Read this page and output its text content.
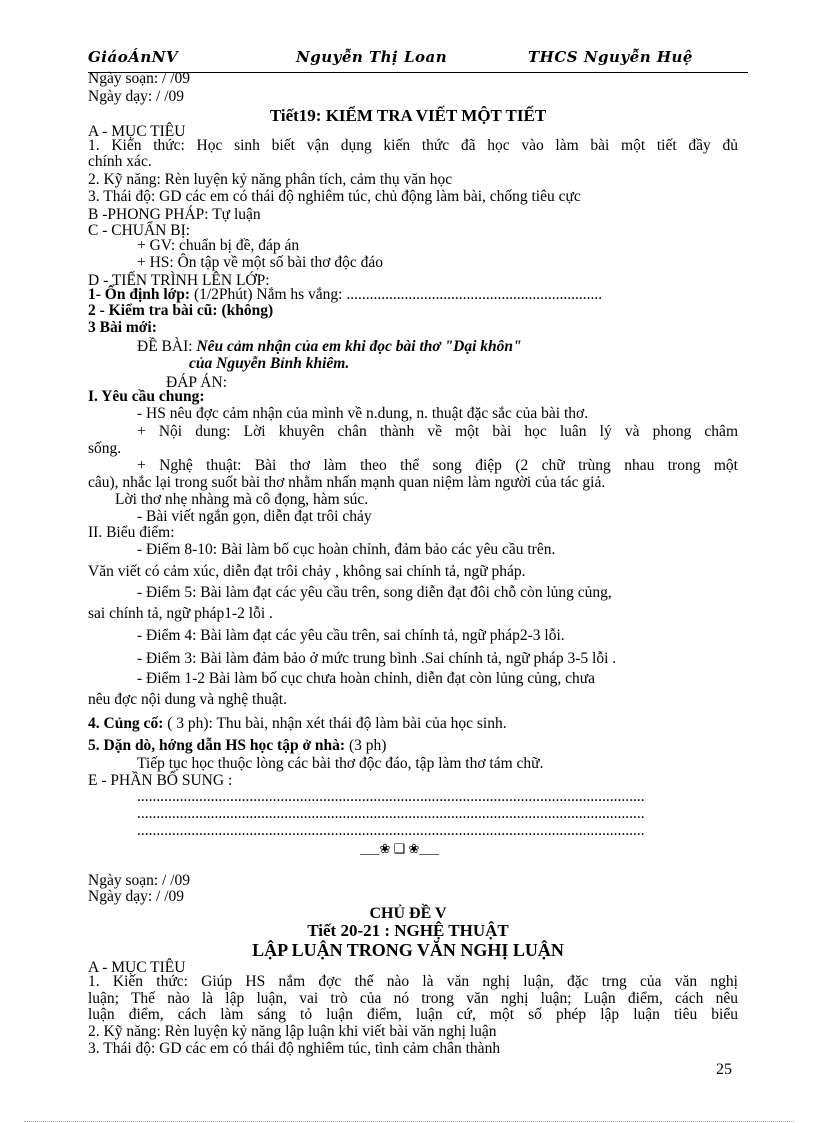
GiáoÁnNV	Nguyễn Thị Loan	THCS Nguyễn Huệ
Ngày soạn: / /09
Ngày dạy: / /09
Tiết19: KIỂM TRA VIẾT MỘT TIẾT
A - MỤC TIÊU
1. Kiến thức: Học sinh biết vận dụng kiến thức đã học vào làm bài một tiết đầy đủ
chính xác.
2. Kỹ năng: Rèn luyện kỷ năng phân tích, cảm thụ văn học
3. Thái độ: GD các em có thái độ nghiêm túc, chủ động làm bài, chống tiêu cực
B -PHONG PHÁP: Tự luận
C - CHUẨN BỊ:
+ GV: chuẩn bị đề, đáp án
+ HS: Ôn tập về một số bài thơ độc đáo
D - TIẾN TRÌNH LÊN LỚP:
1- Ổn định lớp: (1/2Phút) Nắm hs vắng: ..................................................................
2 - Kiểm tra bài cũ: (không)
3 Bài mới:
ĐỀ BÀI: Nêu cảm nhận của em khi đọc bài thơ "Dại khôn"
của Nguyễn Bỉnh khiêm.
ĐÁP ÁN:
I. Yêu cầu chung:
- HS nêu đợc cảm nhận của mình về n.dung, n. thuật đặc sắc của bài thơ.
+ Nội dung: Lời khuyên chân thành về một bài học luân lý và phong châm
sống.
+ Nghệ thuật: Bài thơ làm theo thể song điệp (2 chữ trùng nhau trong một
câu), nhắc lại trong suốt bài thơ nhằm nhấn mạnh quan niệm làm người của tác giả.
Lời thơ nhẹ nhàng mà cô đọng, hàm súc.
- Bài viết ngắn gọn, diễn đạt trôi chảy
II. Biểu điểm:
- Điểm 8-10: Bài làm bố cục hoàn chỉnh, đảm bảo các yêu cầu trên.
Văn viết có cảm xúc, diễn đạt trôi chảy , không sai chính tả, ngữ pháp.
- Điểm 5: Bài làm đạt các yêu cầu trên, song diễn đạt đôi chỗ còn lủng củng,
sai chính tả, ngữ pháp1-2 lỗi .
- Điểm 4: Bài làm đạt các yêu cầu trên, sai chính tả, ngữ pháp2-3 lỗi.
- Điểm 3: Bài làm đảm bảo ở mức trung bình .Sai chính tả, ngữ pháp 3-5 lỗi .
- Điểm 1-2 Bài làm bố cục chưa hoàn chỉnh, diễn đạt còn lủng củng, chưa
nêu đợc nội dung và nghệ thuật.
4. Củng cố: ( 3 ph): Thu bài, nhận xét thái độ làm bài của học sinh.
5. Dặn dò, hớng dẫn HS học tập ở nhà: (3 ph)
Tiếp tục học thuộc lòng các bài thơ độc đáo, tập làm thơ tám chữ.
E - PHẦN BỔ SUNG :
...................................................................................................................................
...................................................................................................................................
...................................................................................................................................
___❀ ❑ ❀___
Ngày soạn: / /09
Ngày dạy: / /09
CHỦ ĐỀ V
Tiết 20-21 : NGHỆ THUẬT
LẬP LUẬN TRONG VĂN NGHỊ LUẬN
A - MỤC TIÊU
1. Kiến thức: Giúp HS nắm đợc thế nào là văn nghị luận, đặc trng của văn nghị
luận; Thế nào là lập luận, vai trò của nó trong văn nghị luận; Luận điểm, cách nêu
luận điểm, cách làm sáng tỏ luận điểm, luận cứ, một số phép lập luận tiêu biểu
2. Kỹ năng: Rèn luyện kỷ năng lập luận khi viết bài văn nghị luận
3. Thái độ: GD các em có thái độ nghiêm túc, tình cảm chân thành
25
